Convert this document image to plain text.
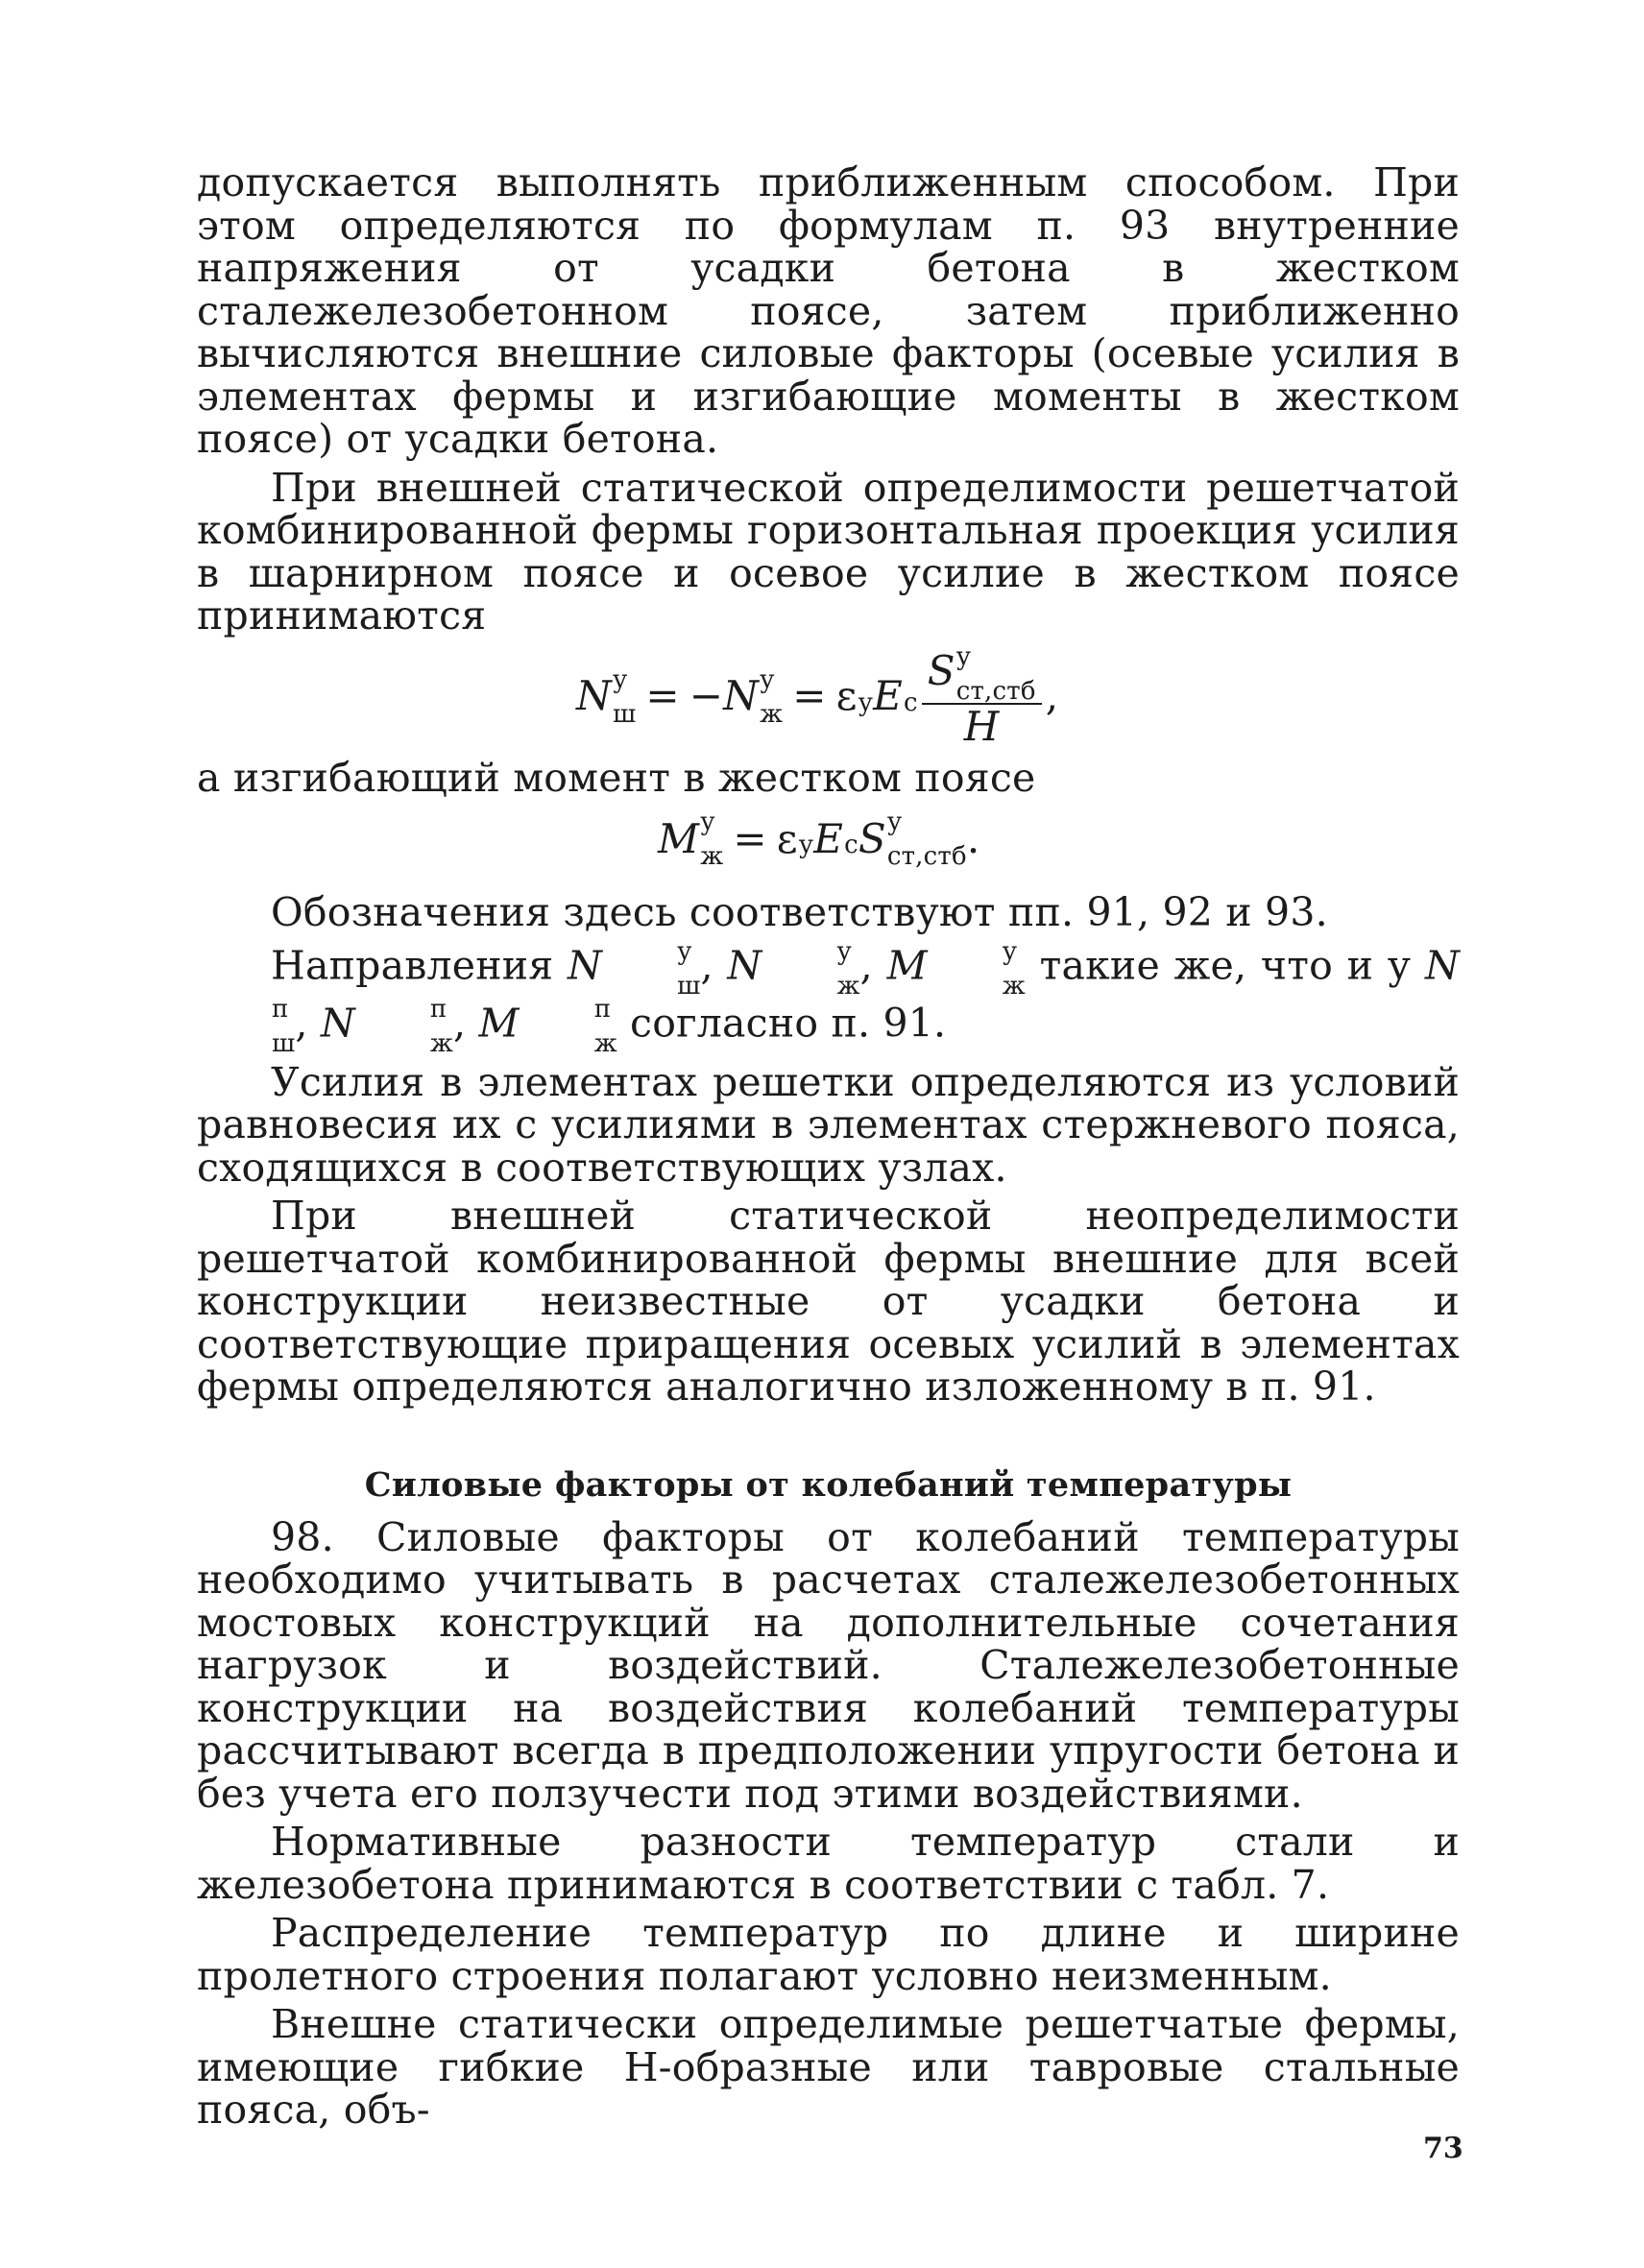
допускается выполнять приближенным способом. При этом определяются по формулам п. 93 внутренние напряжения от усадки бетона в жестком сталежелезобетонном поясе, затем приближенно вычисляются внешние силовые факторы (осевые усилия в элементах фермы и изгибающие моменты в жестком поясе) от усадки бетона.

При внешней статической определимости решетчатой комбинированной фермы горизонтальная проекция усилия в шарнирном поясе и осевое усилие в жестком поясе принимаются

N у
ш = − N у
ж = ε у E с S у
ст,стб
H ,

а изгибающий момент в жестком поясе

M у
ж = ε у E с S у
ст,стб .

Обозначения здесь соответствуют пп. 91, 92 и 93.

Направления N	у
ш , N	у
ж , M	у
ж такие же, что и у N
п
ш , N	п
ж , M	п
ж согласно п. 91.

Усилия в элементах решетки определяются из условий равновесия их с усилиями в элементах стержневого пояса, сходящихся в соответствующих узлах.

При внешней статической неопределимости решетчатой комбинированной фермы внешние для всей конструкции неизвестные от усадки бетона и соответствующие приращения осевых усилий в элементах фермы определяются аналогично изложенному в п. 91.

Силовые факторы от колебаний температуры

98. Силовые факторы от колебаний температуры необходимо учитывать в расчетах сталежелезобетонных мостовых конструкций на дополнительные сочетания нагрузок и воздействий. Сталежелезобетонные конструкции на воздействия колебаний температуры рассчитывают всегда в предположении упругости бетона и без учета его ползучести под этими воздействиями.

Нормативные разности температур стали и железобетона принимаются в соответствии с табл. 7.

Распределение температур по длине и ширине пролетного строения полагают условно неизменным.

Внешне статически определимые решетчатые фермы, имеющие гибкие Н-образные или тавровые стальные пояса, объ-

73
